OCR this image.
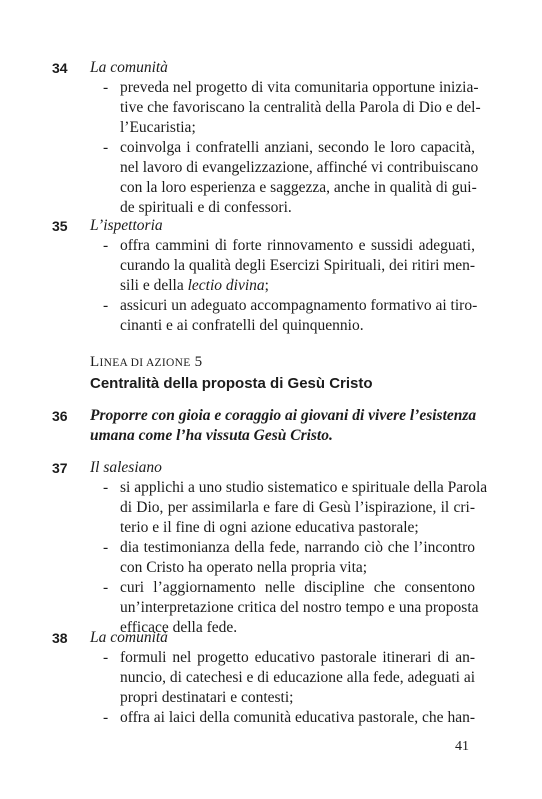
34 La comunità
- preveda nel progetto di vita comunitaria opportune inizia-
tive che favoriscano la centralità della Parola di Dio e del-
l’Eucaristia;
- coinvolga i confratelli anziani, secondo le loro capacità,
nel lavoro di evangelizzazione, affinché vi contribuiscano
con la loro esperienza e saggezza, anche in qualità di gui-
de spirituali e di confessori.
35 L’ispettoria
- offra cammini di forte rinnovamento e sussidi adeguati,
curando la qualità degli Esercizi Spirituali, dei ritiri men-
sili e della lectio divina;
- assicuri un adeguato accompagnamento formativo ai tiro-
cinanti e ai confratelli del quinquennio.
LINEA DI AZIONE 5
Centralità della proposta di Gesù Cristo
36 Proporre con gioia e coraggio ai giovani di vivere l’esistenza
umana come l’ha vissuta Gesù Cristo.
37 Il salesiano
- si applichi a uno studio sistematico e spirituale della Parola
di Dio, per assimilarla e fare di Gesù l’ispirazione, il cri-
terio e il fine di ogni azione educativa pastorale;
- dia testimonianza della fede, narrando ciò che l’incontro
con Cristo ha operato nella propria vita;
- curi l’aggiornamento nelle discipline che consentono
un’interpretazione critica del nostro tempo e una proposta
efficace della fede.
38 La comunità
- formuli nel progetto educativo pastorale itinerari di an-
nuncio, di catechesi e di educazione alla fede, adeguati ai
propri destinatari e contesti;
- offra ai laici della comunità educativa pastorale, che han-
41
